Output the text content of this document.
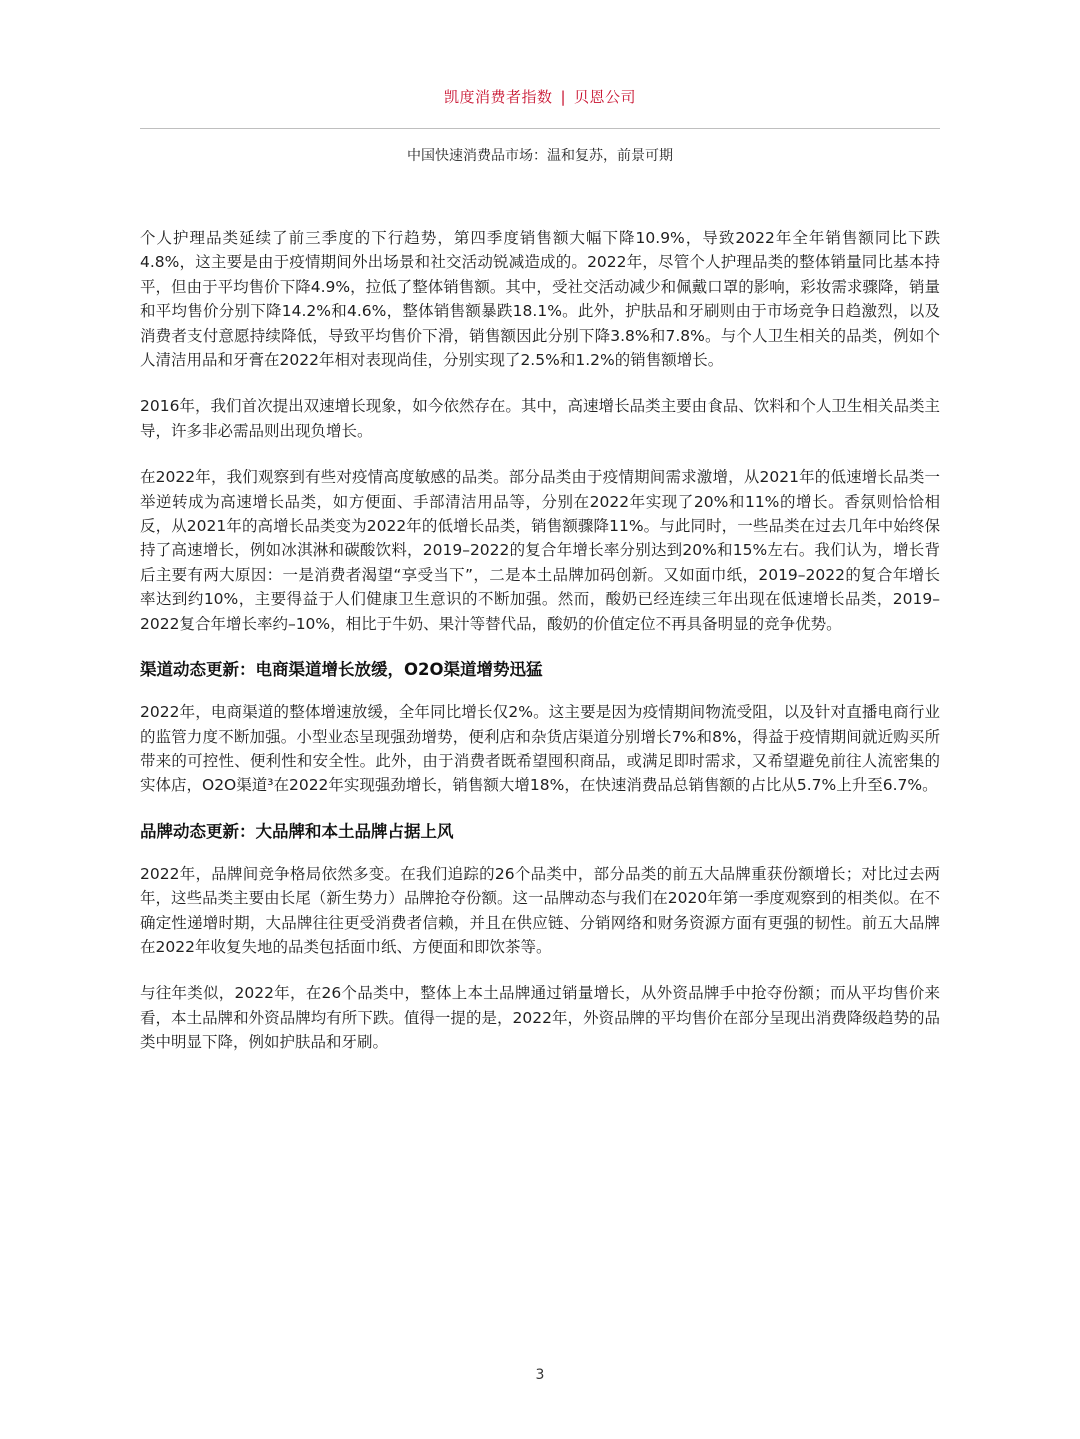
凯度消费者指数 | 贝恩公司
中国快速消费品市场：温和复苏，前景可期

个人护理品类延续了前三季度的下行趋势，第四季度销售额大幅下降10.9%，导致2022年全年销售额同比下跌4.8%，这主要是由于疫情期间外出场景和社交活动锐减造成的。2022年，尽管个人护理品类的整体销量同比基本持平，但由于平均售价下降4.9%，拉低了整体销售额。其中，受社交活动减少和佩戴口罩的影响，彩妆需求骤降，销量和平均售价分别下降14.2%和4.6%，整体销售额暴跌18.1%。此外，护肤品和牙刷则由于市场竞争日趋激烈，以及消费者支付意愿持续降低，导致平均售价下滑，销售额因此分别下降3.8%和7.8%。与个人卫生相关的品类，例如个人清洁用品和牙膏在2022年相对表现尚佳，分别实现了2.5%和1.2%的销售额增长。

2016年，我们首次提出双速增长现象，如今依然存在。其中，高速增长品类主要由食品、饮料和个人卫生相关品类主导，许多非必需品则出现负增长。

在2022年，我们观察到有些对疫情高度敏感的品类。部分品类由于疫情期间需求激增，从2021年的低速增长品类一举逆转成为高速增长品类，如方便面、手部清洁用品等，分别在2022年实现了20%和11%的增长。香氛则恰恰相反，从2021年的高增长品类变为2022年的低增长品类，销售额骤降11%。与此同时，一些品类在过去几年中始终保持了高速增长，例如冰淇淋和碳酸饮料，2019–2022的复合年增长率分别达到20%和15%左右。我们认为，增长背后主要有两大原因：一是消费者渴望“享受当下”，二是本土品牌加码创新。又如面巾纸，2019–2022的复合年增长率达到约10%，主要得益于人们健康卫生意识的不断加强。然而，酸奶已经连续三年出现在低速增长品类，2019–2022复合年增长率约–10%，相比于牛奶、果汁等替代品，酸奶的价值定位不再具备明显的竞争优势。

渠道动态更新：电商渠道增长放缓，O2O渠道增势迅猛

2022年，电商渠道的整体增速放缓，全年同比增长仅2%。这主要是因为疫情期间物流受阻，以及针对直播电商行业的监管力度不断加强。小型业态呈现强劲增势，便利店和杂货店渠道分别增长7%和8%，得益于疫情期间就近购买所带来的可控性、便利性和安全性。此外，由于消费者既希望囤积商品，或满足即时需求，又希望避免前往人流密集的实体店，O2O渠道³在2022年实现强劲增长，销售额大增18%，在快速消费品总销售额的占比从5.7%上升至6.7%。

品牌动态更新：大品牌和本土品牌占据上风

2022年，品牌间竞争格局依然多变。在我们追踪的26个品类中，部分品类的前五大品牌重获份额增长；对比过去两年，这些品类主要由长尾（新生势力）品牌抢夺份额。这一品牌动态与我们在2020年第一季度观察到的相类似。在不确定性递增时期，大品牌往往更受消费者信赖，并且在供应链、分销网络和财务资源方面有更强的韧性。前五大品牌在2022年收复失地的品类包括面巾纸、方便面和即饮茶等。

与往年类似，2022年，在26个品类中，整体上本土品牌通过销量增长，从外资品牌手中抢夺份额；而从平均售价来看，本土品牌和外资品牌均有所下跌。值得一提的是，2022年，外资品牌的平均售价在部分呈现出消费降级趋势的品类中明显下降，例如护肤品和牙刷。

3
